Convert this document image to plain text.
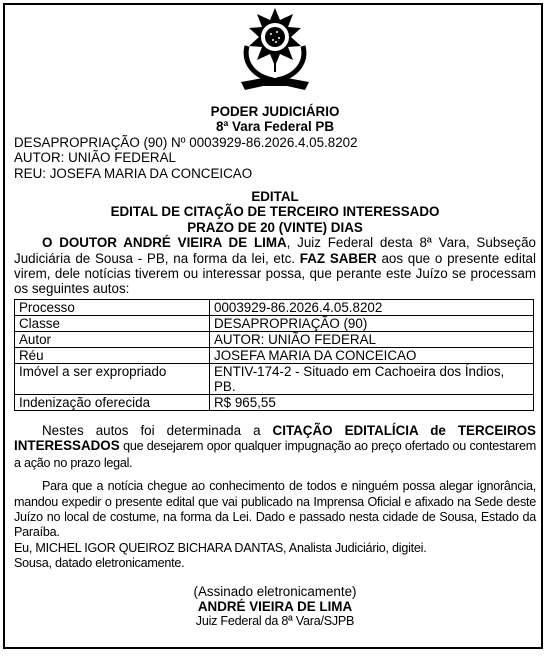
PODER JUDICIÁRIO
8ª Vara Federal PB
DESAPROPRIAÇÃO (90) Nº 0003929-86.2026.4.05.8202
AUTOR: UNIÃO FEDERAL
REU: JOSEFA MARIA DA CONCEICAO
EDITAL
EDITAL DE CITAÇÃO DE TERCEIRO INTERESSADO
PRAZO DE 20 (VINTE) DIAS
O DOUTOR ANDRÉ VIEIRA DE LIMA, Juiz Federal desta 8ª Vara, Subseção Judiciária de Sousa - PB, na forma da lei, etc. FAZ SABER aos que o presente edital virem, dele notícias tiverem ou interessar possa, que perante este Juízo se processam os seguintes autos:
Processo	0003929-86.2026.4.05.8202
Classe	DESAPROPRIAÇÃO (90)
Autor	AUTOR: UNIÃO FEDERAL
Réu	JOSEFA MARIA DA CONCEICAO
Imóvel a ser expropriado	ENTIV-174-2 - Situado em Cachoeira dos Índios, PB.
Indenização oferecida	R$ 965,55
Nestes autos foi determinada a CITAÇÃO EDITALÍCIA de TERCEIROS INTERESSADOS que desejarem opor qualquer impugnação ao preço ofertado ou contestarem a ação no prazo legal.
Para que a notícia chegue ao conhecimento de todos e ninguém possa alegar ignorância, mandou expedir o presente edital que vai publicado na Imprensa Oficial e afixado na Sede deste Juízo no local de costume, na forma da Lei. Dado e passado nesta cidade de Sousa, Estado da Paraíba.
Eu, MICHEL IGOR QUEIROZ BICHARA DANTAS, Analista Judiciário, digitei.
Sousa, datado eletronicamente.
(Assinado eletronicamente)
ANDRÉ VIEIRA DE LIMA
Juiz Federal da 8ª Vara/SJPB
